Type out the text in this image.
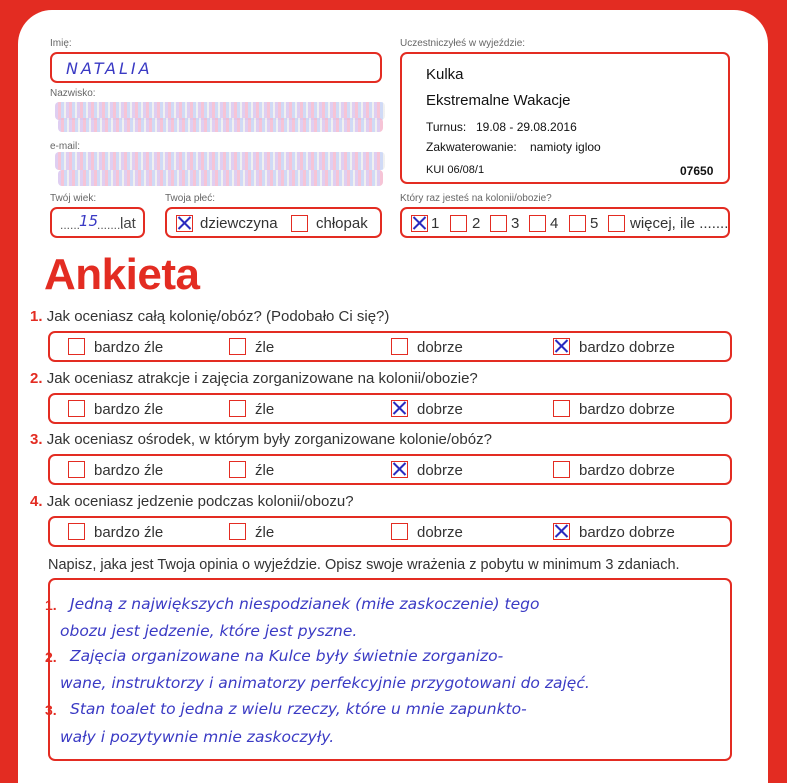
Imię:
NATALIA
Nazwisko:
e-mail:
Twój wiek:
......
15
........
lat
Twoja płeć:
dziewczyna	chłopak
Uczestniczyłeś w wyjeździe:
Kulka
Ekstremalne Wakacje
Turnus: 19.08 - 29.08.2016
Zakwaterowanie: namioty igloo
KUI 06/08/1	07650
Który raz jesteś na kolonii/obozie?
1 2 3 4 5 więcej, ile .......
Ankieta
1. Jak oceniasz całą kolonię/obóz? (Podobało Ci się?)
bardzo źle	źle	dobrze	bardzo dobrze
2. Jak oceniasz atrakcje i zajęcia zorganizowane na kolonii/obozie?
bardzo źle	źle	dobrze	bardzo dobrze
3. Jak oceniasz ośrodek, w którym były zorganizowane kolonie/obóz?
bardzo źle	źle	dobrze	bardzo dobrze
4. Jak oceniasz jedzenie podczas kolonii/obozu?
bardzo źle	źle	dobrze	bardzo dobrze
Napisz, jaka jest Twoja opinia o wyjeździe. Opisz swoje wrażenia z pobytu w minimum 3 zdaniach.
1. Jedną z największych niespodzianek (miłe zaskoczenie) tego
obozu jest jedzenie, które jest pyszne.
2. Zajęcia organizowane na Kulce były świetnie zorganizo-
wane, instruktorzy i animatorzy perfekcyjnie przygotowani do zajęć.
3. Stan toalet to jedna z wielu rzeczy, które u mnie zapunkto-
wały i pozytywnie mnie zaskoczyły.
